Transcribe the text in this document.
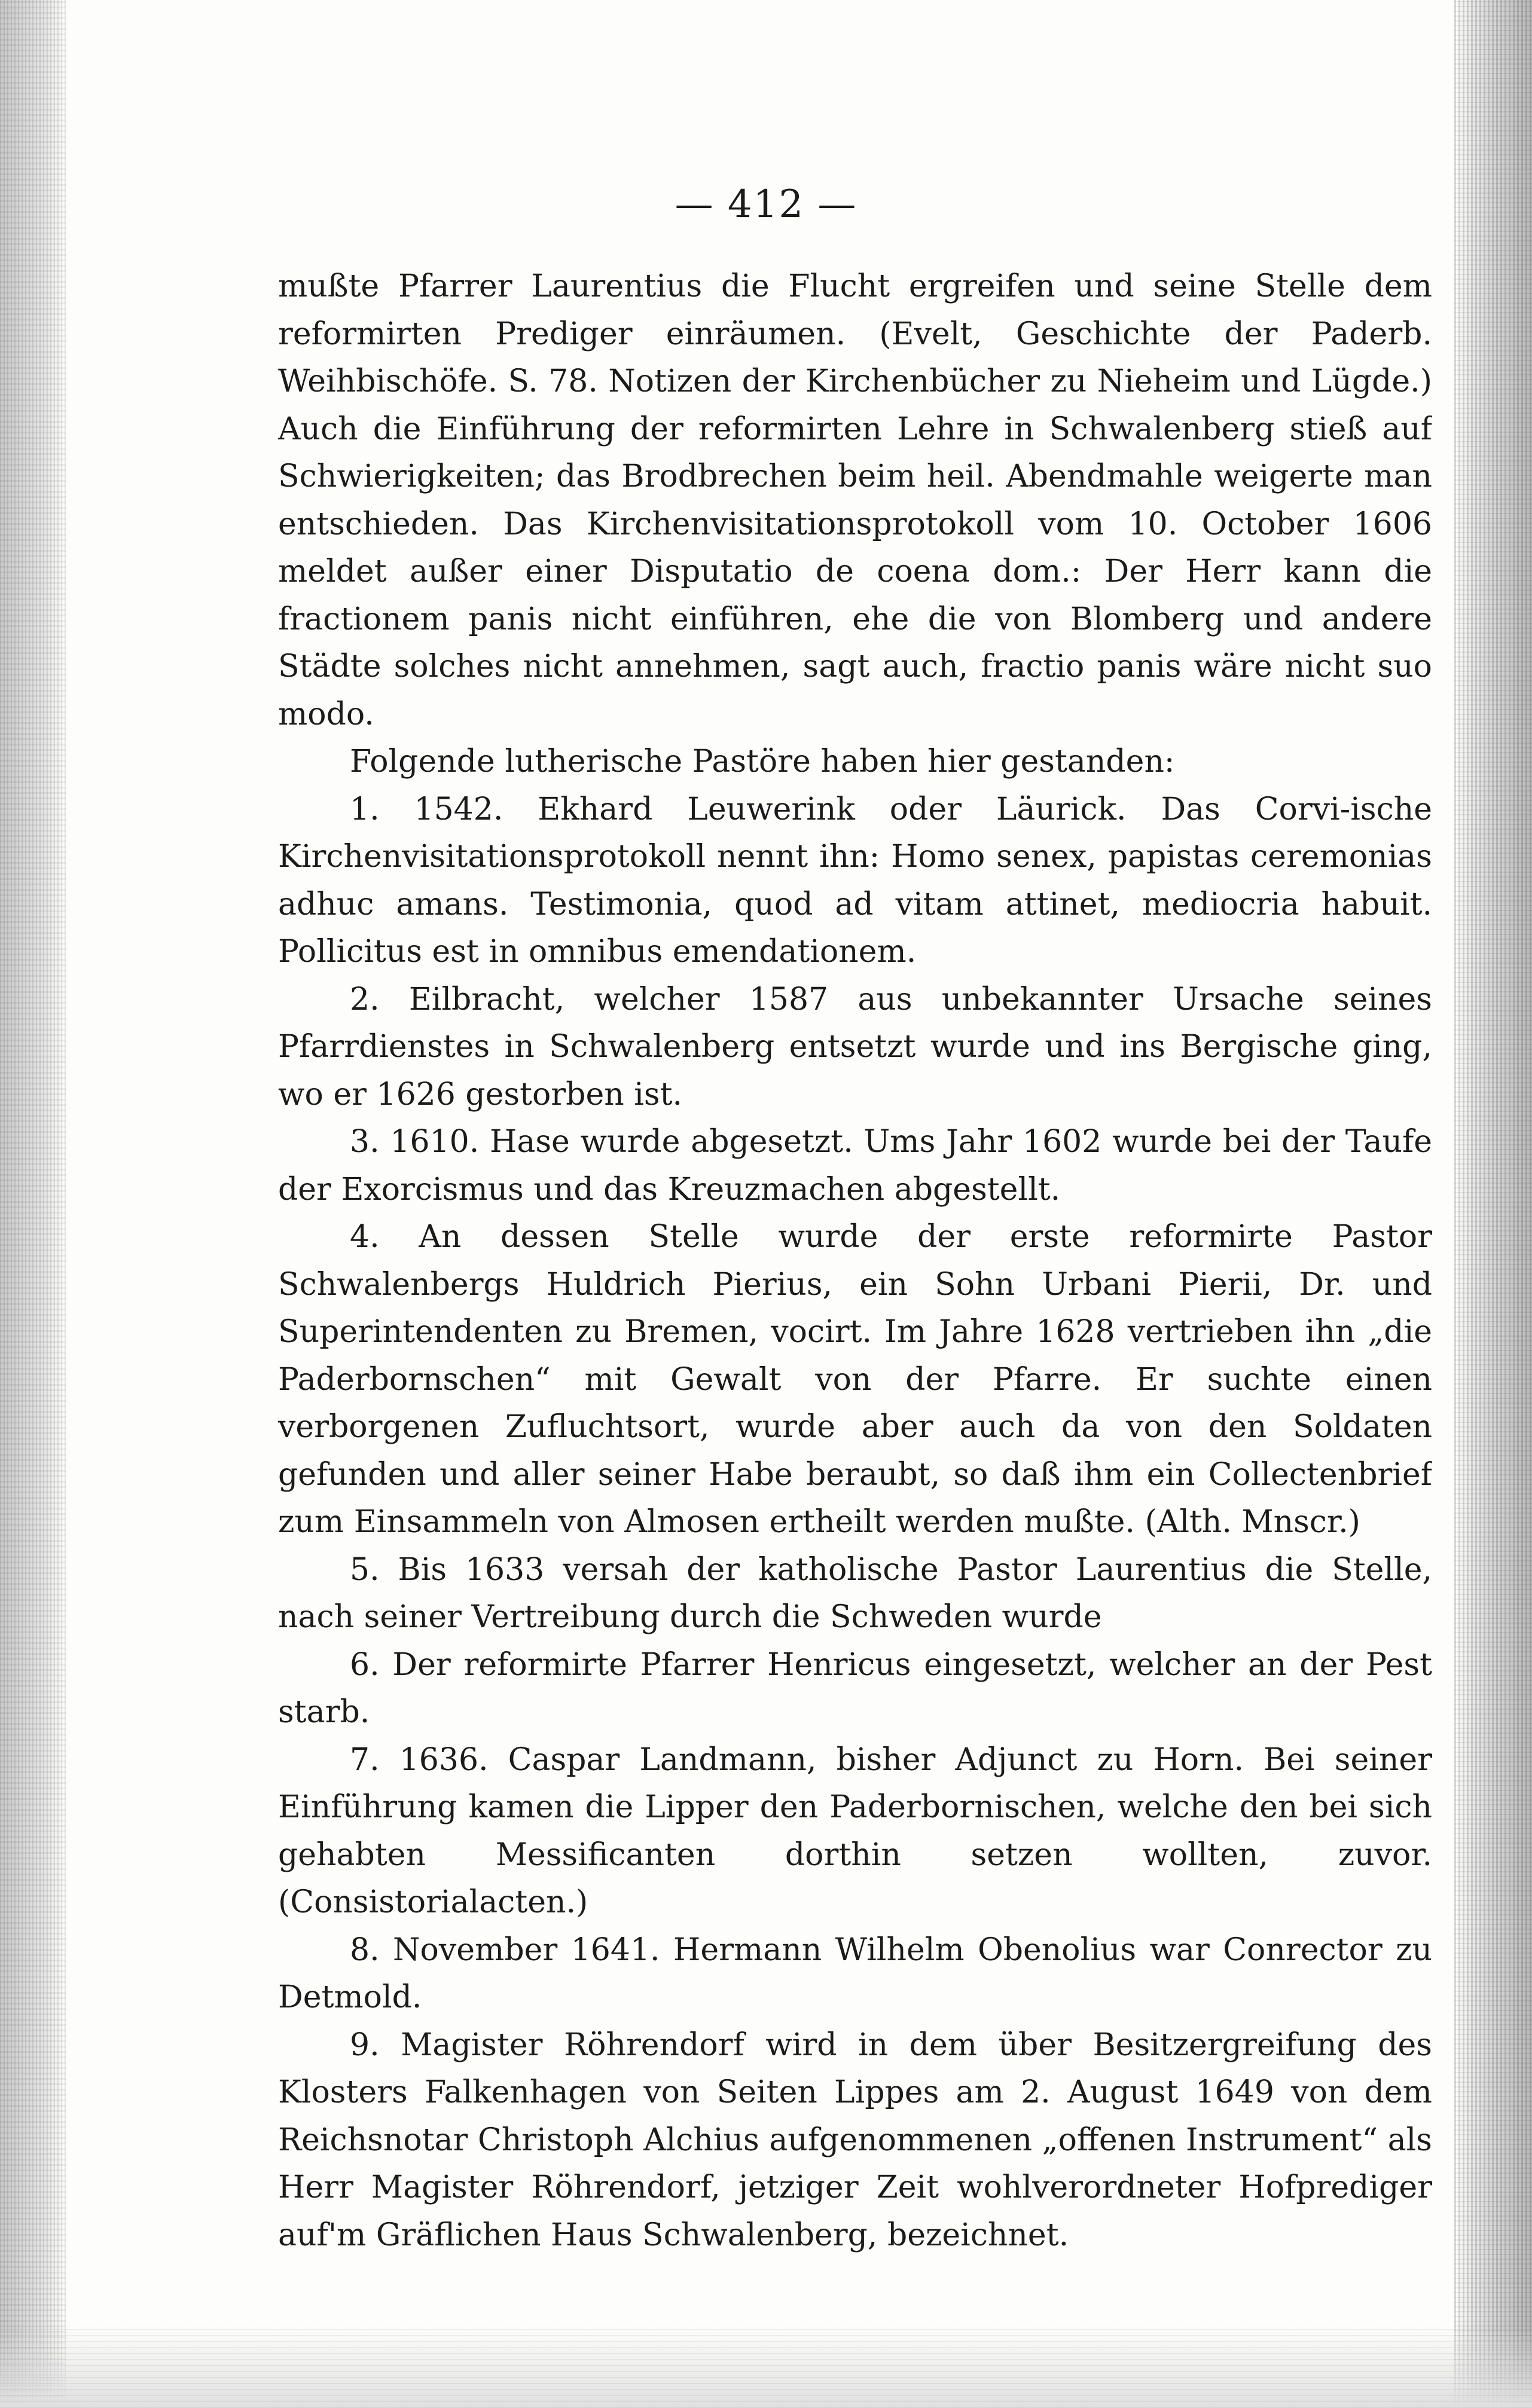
— 412 —

mußte Pfarrer Laurentius die Flucht ergreifen und seine Stelle dem reformirten Prediger einräumen. (Evelt, Geschichte der Paderb. Weihbischöfe. S. 78. Notizen der Kirchenbücher zu Nieheim und Lügde.) Auch die Einführung der reformirten Lehre in Schwalenberg stieß auf Schwierigkeiten; das Brodbrechen beim heil. Abendmahle weigerte man entschieden. Das Kirchenvisitationsprotokoll vom 10. October 1606 meldet außer einer Disputatio de coena dom.: Der Herr kann die fractionem panis nicht einführen, ehe die von Blomberg und andere Städte solches nicht annehmen, sagt auch, fractio panis wäre nicht suo modo.

Folgende lutherische Pastöre haben hier gestanden:

1. 1542. Ekhard Leuwerink oder Läurick. Das Corvi-ische Kirchenvisitationsprotokoll nennt ihn: Homo senex, papistas ceremonias adhuc amans. Testimonia, quod ad vitam attinet, mediocria habuit. Pollicitus est in omnibus emendationem.

2. Eilbracht, welcher 1587 aus unbekannter Ursache seines Pfarrdienstes in Schwalenberg entsetzt wurde und ins Bergische ging, wo er 1626 gestorben ist.

3. 1610. Hase wurde abgesetzt. Ums Jahr 1602 wurde bei der Taufe der Exorcismus und das Kreuzmachen abgestellt.

4. An dessen Stelle wurde der erste reformirte Pastor Schwalenbergs Huldrich Pierius, ein Sohn Urbani Pierii, Dr. und Superintendenten zu Bremen, vocirt. Im Jahre 1628 vertrieben ihn „die Paderbornschen“ mit Gewalt von der Pfarre. Er suchte einen verborgenen Zufluchtsort, wurde aber auch da von den Soldaten gefunden und aller seiner Habe beraubt, so daß ihm ein Collectenbrief zum Einsammeln von Almosen ertheilt werden mußte. (Alth. Mnscr.)

5. Bis 1633 versah der katholische Pastor Laurentius die Stelle, nach seiner Vertreibung durch die Schweden wurde

6. Der reformirte Pfarrer Henricus eingesetzt, welcher an der Pest starb.

7. 1636. Caspar Landmann, bisher Adjunct zu Horn. Bei seiner Einführung kamen die Lipper den Paderbornischen, welche den bei sich gehabten Messificanten dorthin setzen wollten, zuvor. (Consistorialacten.)

8. November 1641. Hermann Wilhelm Obenolius war Conrector zu Detmold.

9. Magister Röhrendorf wird in dem über Besitzergreifung des Klosters Falkenhagen von Seiten Lippes am 2. August 1649 von dem Reichsnotar Christoph Alchius aufgenommenen „offenen Instrument“ als Herr Magister Röhrendorf, jetziger Zeit wohlverordneter Hofprediger auf'm Gräflichen Haus Schwalenberg, bezeichnet.
